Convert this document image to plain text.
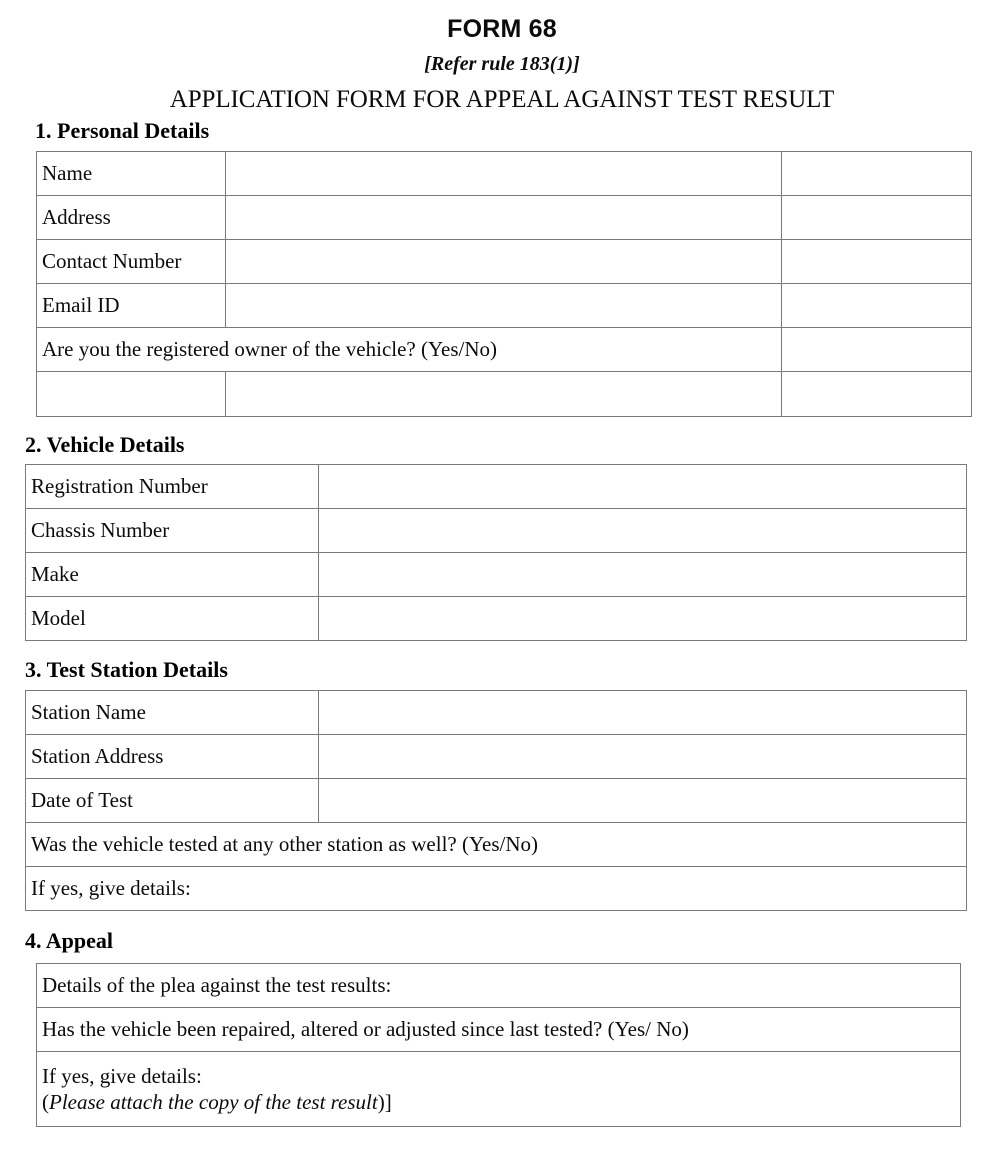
FORM 68
[Refer rule 183(1)]
APPLICATION FORM FOR APPEAL AGAINST TEST RESULT
1. Personal Details
Name		
Address		
Contact Number		
Email ID		
Are you the registered owner of the vehicle? (Yes/No)		

2. Vehicle Details
Registration Number	
Chassis Number	
Make	
Model	
3. Test Station Details
Station Name	
Station Address	
Date of Test	
Was the vehicle tested at any other station as well? (Yes/No)	
If yes, give details:	
4. Appeal
Details of the plea against the test results:
Has the vehicle been repaired, altered or adjusted since last tested? (Yes/ No)
If yes, give details:
(Please attach the copy of the test result)]
